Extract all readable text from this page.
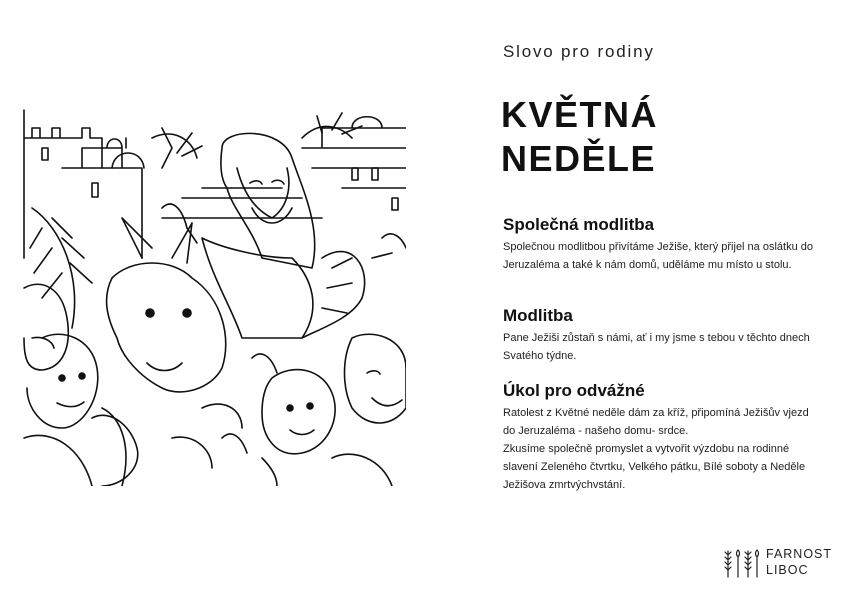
Slovo pro rodiny
KVĚTNÁ
NEDĚLE
Společná modlitba

Společnou modlitbou přivítáme Ježiše, který přijel na oslátku do Jeruzaléma a také k nám domů, uděláme mu místo u stolu.

Modlitba

Pane Ježiši zůstaň s námi, ať i my jsme s tebou v těchto dnech Svatého týdne.

Úkol pro odvážné

Ratolest z Květné neděle dám za kříž, připomíná Ježišův vjezd do Jeruzaléma - našeho domu- srdce.

Zkusíme společně promyslet a vytvořit výzdobu na rodinné slavení Zeleného čtvrtku, Velkého pátku, Bílé soboty a Neděle Ježišova zmrtvýchvstání.

FARNOST
LIBOC
